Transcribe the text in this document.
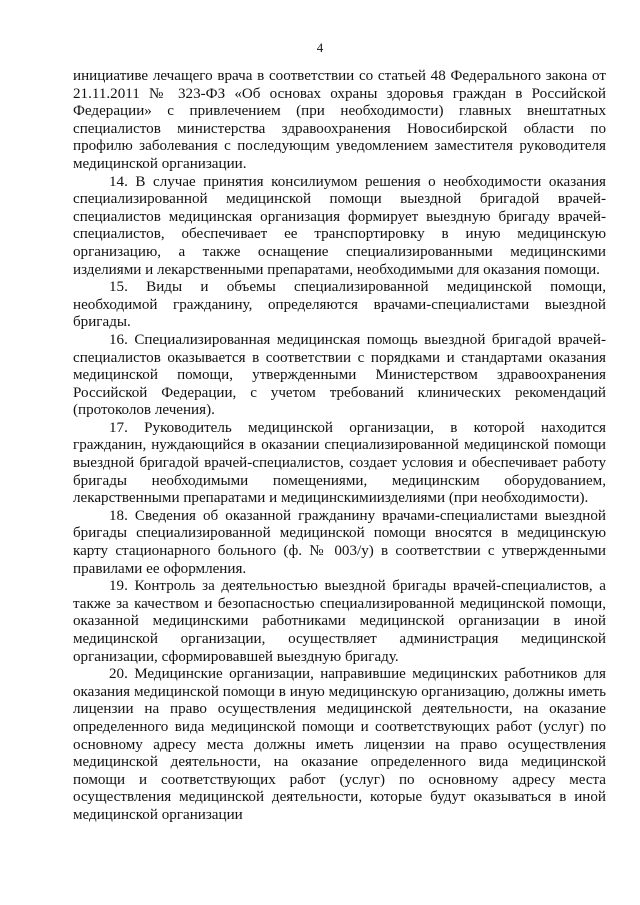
4

инициативе лечащего врача в соответствии со статьей 48 Федерального закона от 21.11.2011 № 323-ФЗ «Об основах охраны здоровья граждан в Российской Федерации» с привлечением (при необходимости) главных внештатных специалистов министерства здравоохранения Новосибирской области по профилю заболевания с последующим уведомлением заместителя руководителя медицинской организации.

14. В случае принятия консилиумом решения о необходимости оказания специализированной медицинской помощи выездной бригадой врачей-специалистов медицинская организация формирует выездную бригаду врачей-специалистов, обеспечивает ее транспортировку в иную медицинскую организацию, а также оснащение специализированными медицинскими изделиями и лекарственными препаратами, необходимыми для оказания помощи.

15. Виды и объемы специализированной медицинской помощи, необходимой гражданину, определяются врачами-специалистами выездной бригады.

16. Специализированная медицинская помощь выездной бригадой врачей-специалистов оказывается в соответствии с порядками и стандартами оказания медицинской помощи, утвержденными Министерством здравоохранения Российской Федерации, с учетом требований клинических рекомендаций (протоколов лечения).

17. Руководитель медицинской организации, в которой находится гражданин, нуждающийся в оказании специализированной медицинской помощи выездной бригадой врачей-специалистов, создает условия и обеспечивает работу бригады необходимыми помещениями, медицинским оборудованием, лекарственными препаратами и медицинскимиизделиями (при необходимости).

18. Сведения об оказанной гражданину врачами-специалистами выездной бригады специализированной медицинской помощи вносятся в медицинскую карту стационарного больного (ф. № 003/у) в соответствии с утвержденными правилами ее оформления.

19. Контроль за деятельностью выездной бригады врачей-специалистов, а также за качеством и безопасностью специализированной медицинской помощи, оказанной медицинскими работниками медицинской организации в иной медицинской организации, осуществляет администрация медицинской организации, сформировавшей выездную бригаду.

20. Медицинские организации, направившие медицинских работников для оказания медицинской помощи в иную медицинскую организацию, должны иметь лицензии на право осуществления медицинской деятельности, на оказание определенного вида медицинской помощи и соответствующих работ (услуг) по основному адресу места должны иметь лицензии на право осуществления медицинской деятельности, на оказание определенного вида медицинской помощи и соответствующих работ (услуг) по основному адресу места осуществления медицинской деятельности, которые будут оказываться в иной медицинской организации
